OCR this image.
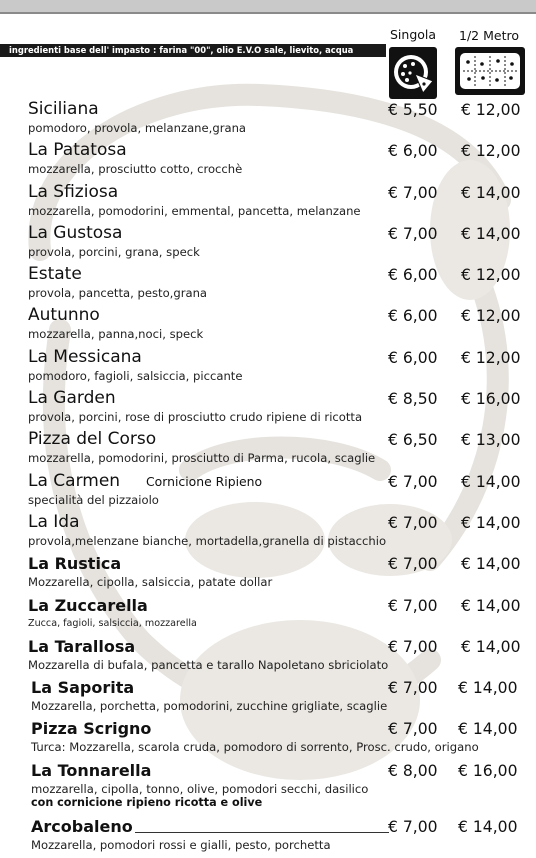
Singola 1/2 Metro
ingredienti base dell' impasto : farina "00", olio E.V.O sale, lievito, acqua
Siciliana
pomodoro, provola, melanzane,grana
€ 5,50 € 12,00
La Patatosa
mozzarella, prosciutto cotto, crocchè
€ 6,00 € 12,00
La Sfiziosa
mozzarella, pomodorini, emmental, pancetta, melanzane
€ 7,00 € 14,00
La Gustosa
provola, porcini, grana, speck
€ 7,00 € 14,00
Estate
provola, pancetta, pesto,grana
€ 6,00 € 12,00
Autunno
mozzarella, panna,noci, speck
€ 6,00 € 12,00
La Messicana
pomodoro, fagioli, salsiccia, piccante
€ 6,00 € 12,00
La Garden
provola, porcini, rose di prosciutto crudo ripiene di ricotta
€ 8,50 € 16,00
Pizza del Corso
mozzarella, pomodorini, prosciutto di Parma, rucola, scaglie
€ 6,50 € 13,00
La Carmen Cornicione Ripieno
specialità del pizzaiolo
€ 7,00 € 14,00
La Ida
provola,melenzane bianche, mortadella,granella di pistacchio
€ 7,00 € 14,00
La Rustica
Mozzarella, cipolla, salsiccia, patate dollar
€ 7,00 € 14,00
La Zuccarella
Zucca, fagioli, salsiccia, mozzarella
€ 7,00 € 14,00
La Tarallosa
Mozzarella di bufala, pancetta e tarallo Napoletano sbriciolato
€ 7,00 € 14,00
La Saporita
Mozzarella, porchetta, pomodorini, zucchine grigliate, scaglie
€ 7,00 € 14,00
Pizza Scrigno
Turca: Mozzarella, scarola cruda, pomodoro di sorrento, Prosc. crudo, origano
€ 7,00 € 14,00
La Tonnarella
mozzarella, cipolla, tonno, olive, pomodori secchi, dasilico
con cornicione ripieno ricotta e olive
€ 8,00 € 16,00
Arcobaleno
Mozzarella, pomodori rossi e gialli, pesto, porchetta
€ 7,00 € 14,00
